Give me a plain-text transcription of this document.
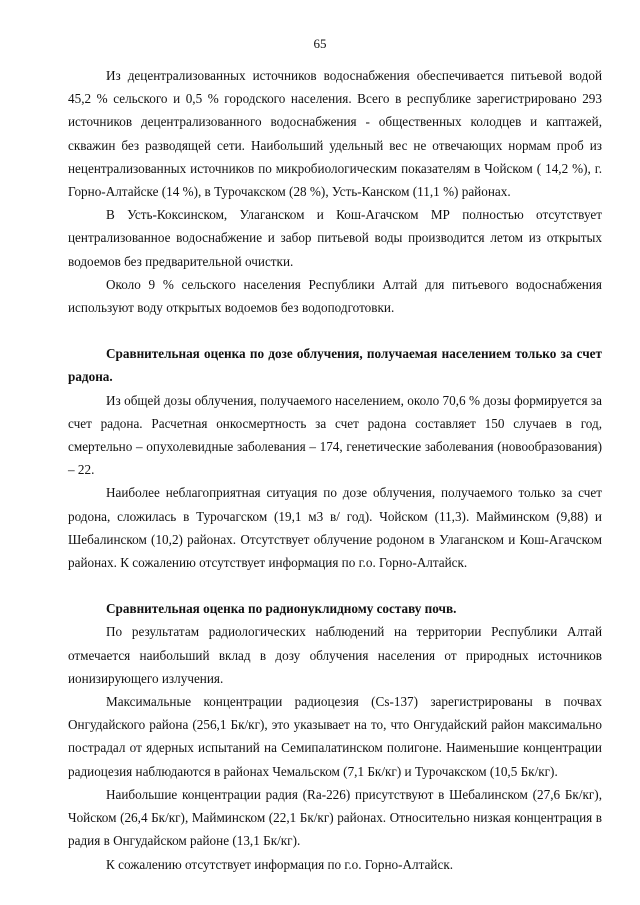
65

Из децентрализованных источников водоснабжения обеспечивается питьевой водой 45,2 % сельского и 0,5 % городского населения. Всего в республике зарегистрировано 293 источников децентрализованного водоснабжения - общественных колодцев и каптажей, скважин без разводящей сети. Наибольший удельный вес не отвечающих нормам проб из нецентрализованных источников по микробиологическим показателям в Чойском ( 14,2 %), г. Горно-Алтайске (14 %), в Турочакском (28 %), Усть-Канском (11,1 %) районах.

В Усть-Коксинском, Улаганском и Кош-Агачском МР полностью отсутствует централизованное водоснабжение и забор питьевой воды производится летом из открытых водоемов без предварительной очистки.

Около 9 % сельского населения Республики Алтай для питьевого водоснабжения используют воду открытых водоемов без водоподготовки.

Сравнительная оценка по дозе облучения, получаемая населением только за счет радона.

Из общей дозы облучения, получаемого населением, около 70,6 % дозы формируется за счет радона. Расчетная онкосмертность за счет радона составляет 150 случаев в год, смертельно – опухолевидные заболевания – 174, генетические заболевания (новообразования) – 22.

Наиболее неблагоприятная ситуация по дозе облучения, получаемого только за счет родона, сложилась в Турочагском (19,1 м3 в/ год). Чойском (11,3). Майминском (9,88) и Шебалинском (10,2) районах. Отсутствует облучение родоном в Улаганском и Кош-Агачском районах. К сожалению отсутствует информация по г.о. Горно-Алтайск.

Сравнительная оценка по радионуклидному составу почв.

По результатам радиологических наблюдений на территории Республики Алтай отмечается наибольший вклад в дозу облучения населения от природных источников ионизирующего излучения.

Максимальные концентрации радиоцезия (Cs-137) зарегистрированы в почвах Онгудайского района (256,1 Бк/кг), это указывает на то, что Онгудайский район максимально пострадал от ядерных испытаний на Семипалатинском полигоне. Наименьшие концентрации радиоцезия наблюдаются в районах Чемальском (7,1 Бк/кг) и Турочакском (10,5 Бк/кг).

Наибольшие концентрации радия (Ra-226) присутствуют в Шебалинском (27,6 Бк/кг), Чойском (26,4 Бк/кг), Майминском (22,1 Бк/кг) районах. Относительно низкая концентрация в радия в Онгудайском районе (13,1 Бк/кг).

К сожалению отсутствует информация по г.о. Горно-Алтайск.
